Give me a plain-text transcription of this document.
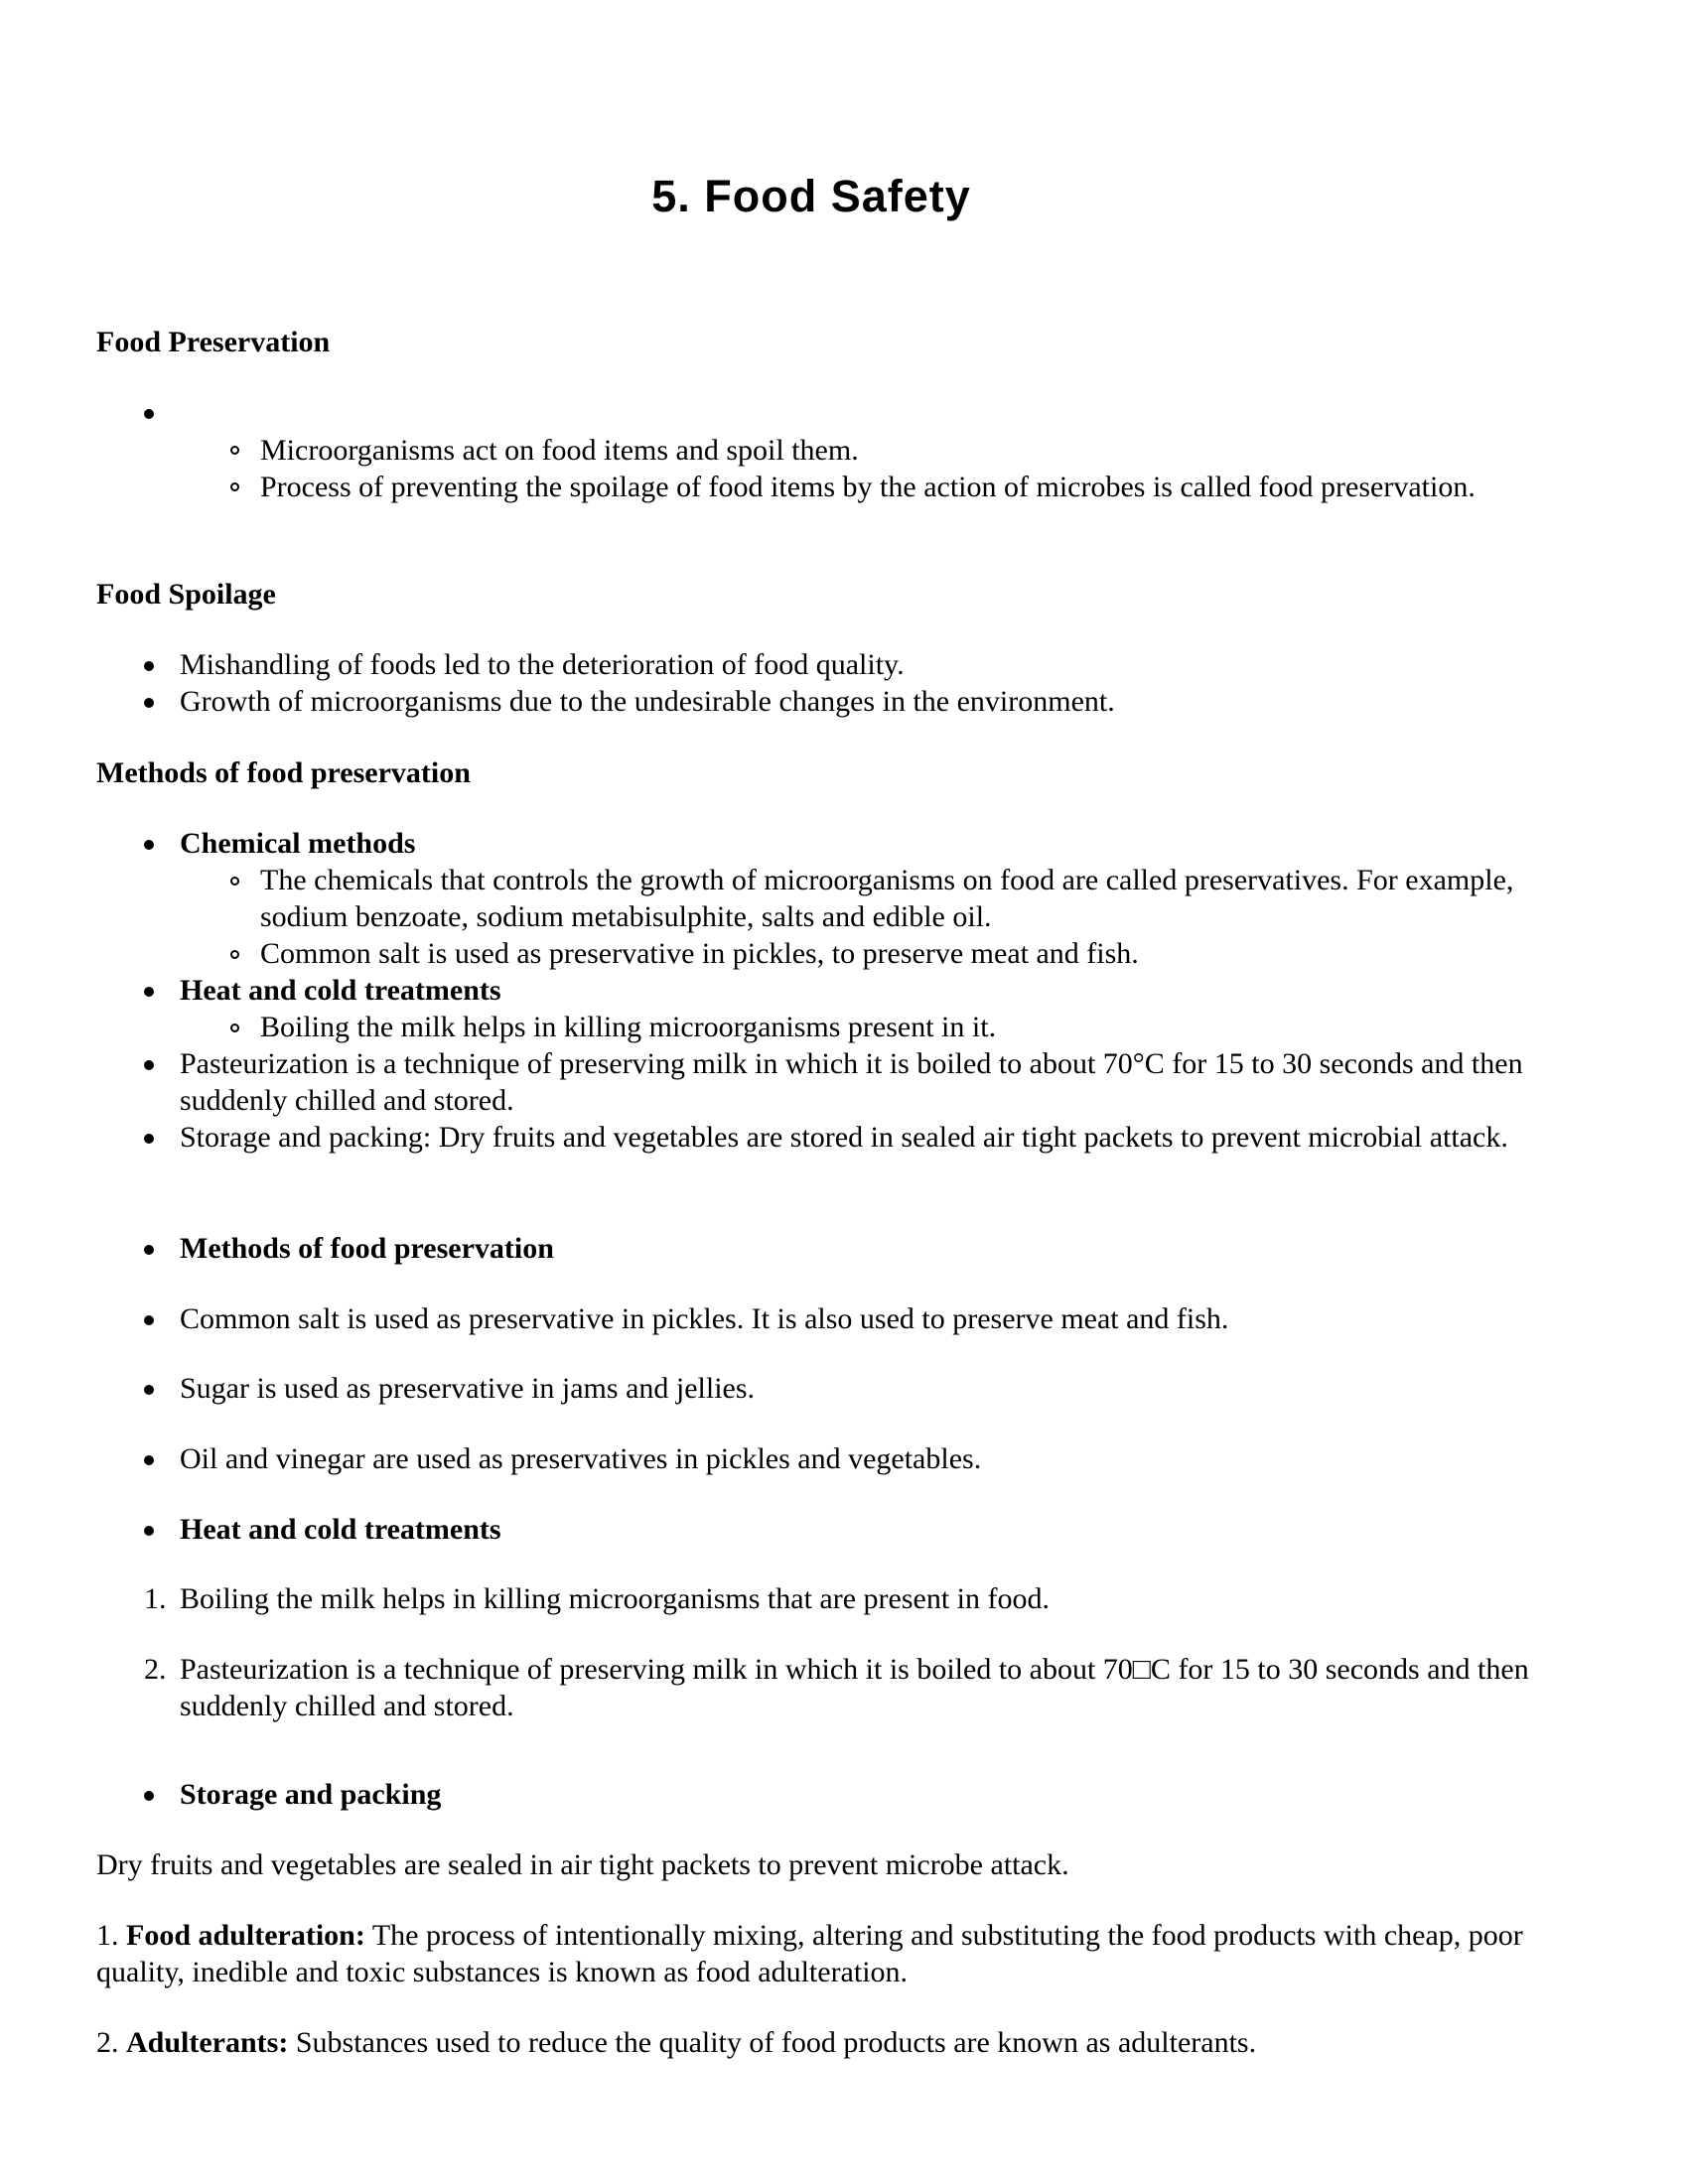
5. Food Safety
Food Preservation
Microorganisms act on food items and spoil them.
Process of preventing the spoilage of food items by the action of microbes is called food preservation.
Food Spoilage
Mishandling of foods led to the deterioration of food quality.
Growth of microorganisms due to the undesirable changes in the environment.
Methods of food preservation
Chemical methods
The chemicals that controls the growth of microorganisms on food are called preservatives. For example, sodium benzoate, sodium metabisulphite, salts and edible oil.
Common salt is used as preservative in pickles, to preserve meat and fish.
Heat and cold treatments
Boiling the milk helps in killing microorganisms present in it.
Pasteurization is a technique of preserving milk in which it is boiled to about 70°C for 15 to 30 seconds and then suddenly chilled and stored.
Storage and packing: Dry fruits and vegetables are stored in sealed air tight packets to prevent microbial attack.
Methods of food preservation
Common salt is used as preservative in pickles. It is also used to preserve meat and fish.
Sugar is used as preservative in jams and jellies.
Oil and vinegar are used as preservatives in pickles and vegetables.
Heat and cold treatments
1. Boiling the milk helps in killing microorganisms that are present in food.
2. Pasteurization is a technique of preserving milk in which it is boiled to about 70□C for 15 to 30 seconds and then suddenly chilled and stored.
Storage and packing
Dry fruits and vegetables are sealed in air tight packets to prevent microbe attack.
1. Food adulteration: The process of intentionally mixing, altering and substituting the food products with cheap, poor quality, inedible and toxic substances is known as food adulteration.
2. Adulterants: Substances used to reduce the quality of food products are known as adulterants.
